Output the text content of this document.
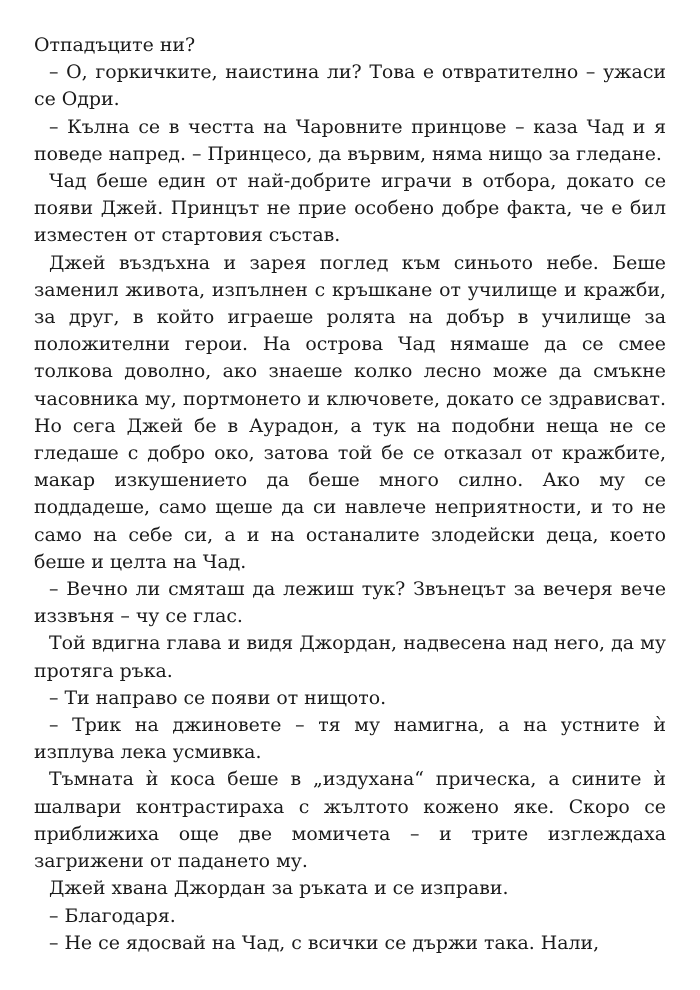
Отпадъците ни?

– О, горкичките, наистина ли? Това е отвратително – ужаси се Одри.

– Кълна се в честта на Чаровните принцове – каза Чад и я поведе напред. – Принцесо, да вървим, няма нищо за гледане.

Чад беше един от най-добрите играчи в отбора, докато се появи Джей. Принцът не прие особено добре факта, че е бил изместен от стартовия състав.

Джей въздъхна и зарея поглед към синьото небе. Беше заменил живота, изпълнен с кръшкане от училище и кражби, за друг, в който играеше ролята на добър в училище за положителни герои. На острова Чад нямаше да се смее толкова доволно, ако знаеше колко лесно може да смъкне часовника му, портмонето и ключовете, докато се здрависват. Но сега Джей бе в Аурадон, а тук на подобни неща не се гледаше с добро око, затова той бе се отказал от кражбите, макар изкушението да беше много силно. Ако му се поддадеше, само щеше да си навлече неприятности, и то не само на себе си, а и на останалите злодейски деца, което беше и целта на Чад.

– Вечно ли смяташ да лежиш тук? Звънецът за вечеря вече иззвъня – чу се глас.

Той вдигна глава и видя Джордан, надвесена над него, да му протяга ръка.

– Ти направо се появи от нищото.

– Трик на джиновете – тя му намигна, а на устните ѝ изплува лека усмивка.

Тъмната ѝ коса беше в „издухана“ прическа, а сините ѝ шалвари контрастираха с жълтото кожено яке. Скоро се приближиха още две момичета – и трите изглеждаха загрижени от падането му.

Джей хвана Джордан за ръката и се изправи.

– Благодаря.

– Не се ядосвай на Чад, с всички се държи така. Нали,
